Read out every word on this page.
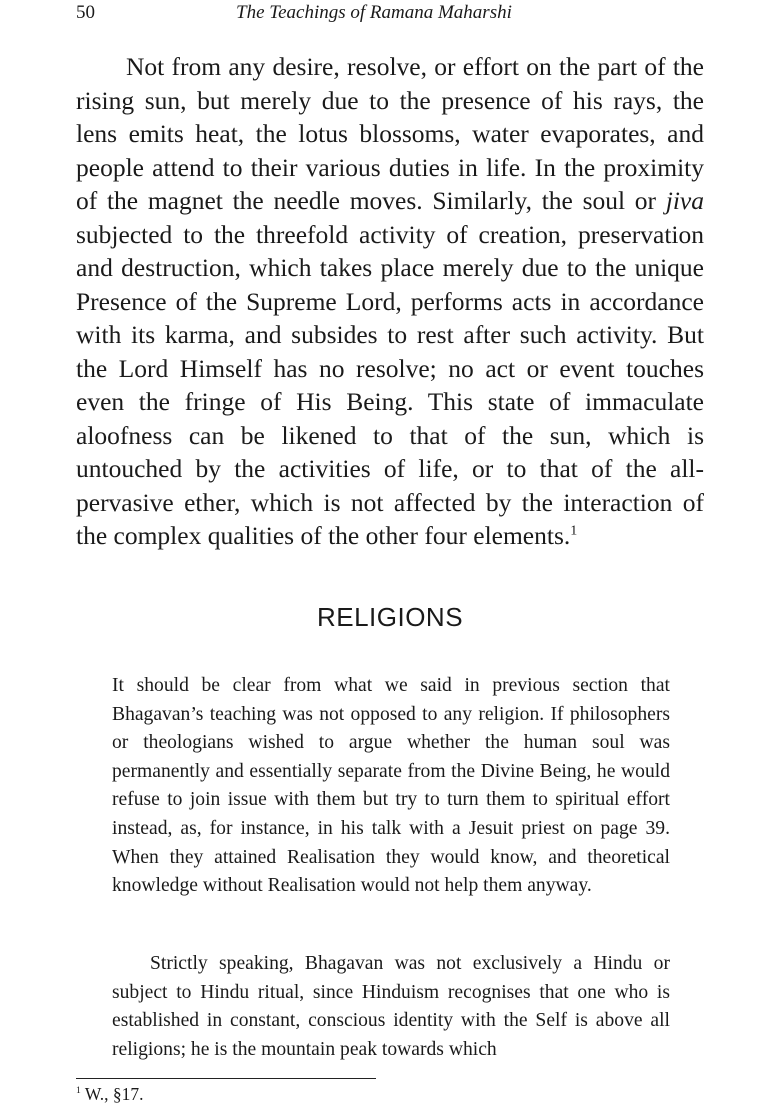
50	The Teachings of Ramana Maharshi

Not from any desire, resolve, or effort on the part of the rising sun, but merely due to the presence of his rays, the lens emits heat, the lotus blossoms, water evaporates, and people attend to their various duties in life. In the proximity of the magnet the needle moves. Similarly, the soul or jiva subjected to the threefold activity of creation, preservation and destruction, which takes place merely due to the unique Presence of the Supreme Lord, performs acts in accordance with its karma, and subsides to rest after such activity. But the Lord Himself has no resolve; no act or event touches even the fringe of His Being. This state of immaculate aloofness can be likened to that of the sun, which is untouched by the activities of life, or to that of the all-pervasive ether, which is not affected by the interaction of the complex qualities of the other four elements.$^1$

RELIGIONS

It should be clear from what we said in previous section that Bhagavan’s teaching was not opposed to any religion. If philosophers or theologians wished to argue whether the human soul was permanently and essentially separate from the Divine Being, he would refuse to join issue with them but try to turn them to spiritual effort instead, as, for instance, in his talk with a Jesuit priest on page 39. When they attained Realisation they would know, and theoretical knowledge without Realisation would not help them anyway.

Strictly speaking, Bhagavan was not exclusively a Hindu or subject to Hindu ritual, since Hinduism recognises that one who is established in constant, conscious identity with the Self is above all religions; he is the mountain peak towards which

$^1$ W., §17.
